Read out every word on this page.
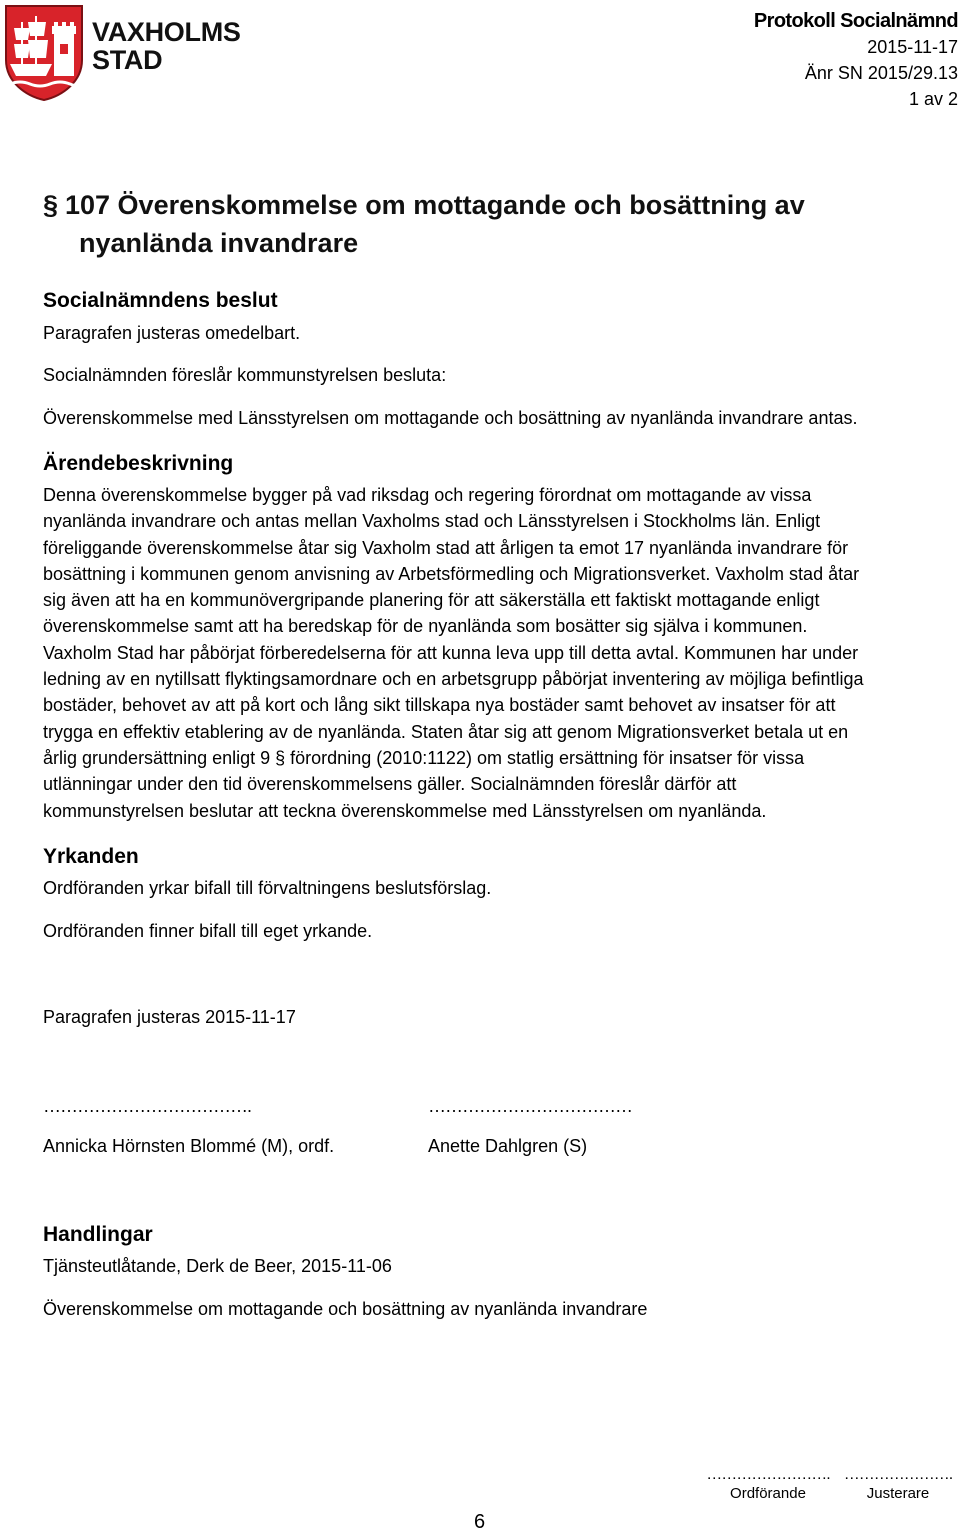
VAXHOLMS
STAD
Protokoll Socialnämnd
2015-11-17
Änr SN 2015/29.13
1 av 2
§ 107 Överenskommelse om mottagande och bosättning av
nyanlända invandrare
Socialnämndens beslut
Paragrafen justeras omedelbart.
Socialnämnden föreslår kommunstyrelsen besluta:
Överenskommelse med Länsstyrelsen om mottagande och bosättning av nyanlända invandrare antas.
Ärendebeskrivning
Denna överenskommelse bygger på vad riksdag och regering förordnat om mottagande av vissa
nyanlända invandrare och antas mellan Vaxholms stad och Länsstyrelsen i Stockholms län. Enligt
föreliggande överenskommelse åtar sig Vaxholm stad att årligen ta emot 17 nyanlända invandrare för
bosättning i kommunen genom anvisning av Arbetsförmedling och Migrationsverket. Vaxholm stad åtar
sig även att ha en kommunövergripande planering för att säkerställa ett faktiskt mottagande enligt
överenskommelse samt att ha beredskap för de nyanlända som bosätter sig själva i kommunen.
Vaxholm Stad har påbörjat förberedelserna för att kunna leva upp till detta avtal. Kommunen har under
ledning av en nytillsatt flyktingsamordnare och en arbetsgrupp påbörjat inventering av möjliga befintliga
bostäder, behovet av att på kort och lång sikt tillskapa nya bostäder samt behovet av insatser för att
trygga en effektiv etablering av de nyanlända. Staten åtar sig att genom Migrationsverket betala ut en
årlig grundersättning enligt 9 § förordning (2010:1122) om statlig ersättning för insatser för vissa
utlänningar under den tid överenskommelsens gäller. Socialnämnden föreslår därför att
kommunstyrelsen beslutar att teckna överenskommelse med Länsstyrelsen om nyanlända.
Yrkanden
Ordföranden yrkar bifall till förvaltningens beslutsförslag.
Ordföranden finner bifall till eget yrkande.
Paragrafen justeras 2015-11-17
……………………………….	………………………………
Annicka Hörnsten Blommé (M), ordf.	Anette Dahlgren (S)
Handlingar
Tjänsteutlåtande, Derk de Beer, 2015-11-06
Överenskommelse om mottagande och bosättning av nyanlända invandrare
6
…………………….
Ordförande
………………….
Justerare
